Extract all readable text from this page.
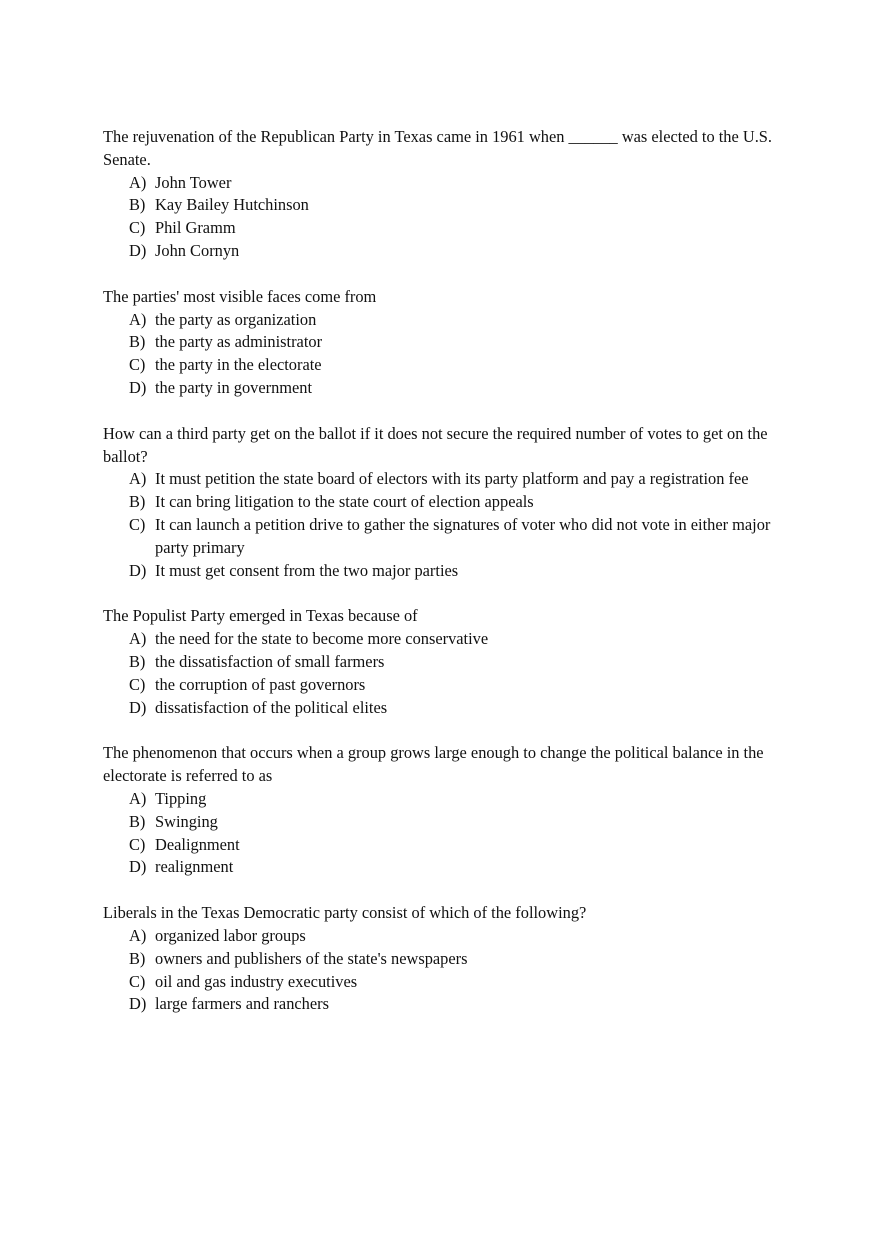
The rejuvenation of the Republican Party in Texas came in 1961 when ______ was elected to the U.S. Senate.

A) John Tower
B) Kay Bailey Hutchinson
C) Phil Gramm
D) John Cornyn

The parties' most visible faces come from

A) the party as organization
B) the party as administrator
C) the party in the electorate
D) the party in government

How can a third party get on the ballot if it does not secure the required number of votes to get on the ballot?

A) It must petition the state board of electors with its party platform and pay a registration fee
B) It can bring litigation to the state court of election appeals
C) It can launch a petition drive to gather the signatures of voter who did not vote in either major party primary
D) It must get consent from the two major parties

The Populist Party emerged in Texas because of

A) the need for the state to become more conservative
B) the dissatisfaction of small farmers
C) the corruption of past governors
D) dissatisfaction of the political elites

The phenomenon that occurs when a group grows large enough to change the political balance in the electorate is referred to as

A) Tipping
B) Swinging
C) Dealignment
D) realignment

Liberals in the Texas Democratic party consist of which of the following?

A) organized labor groups
B) owners and publishers of the state's newspapers
C) oil and gas industry executives
D) large farmers and ranchers
